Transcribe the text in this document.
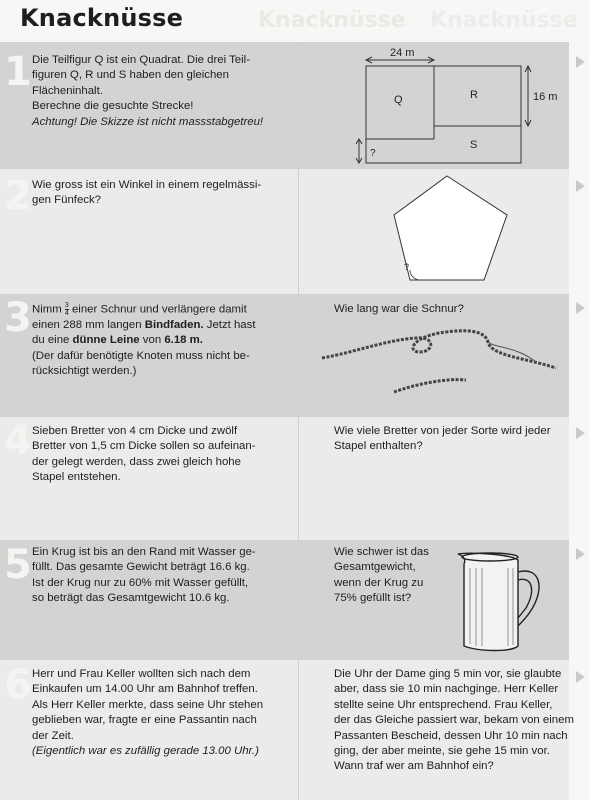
Knacknüsse	Knacknüsse Knacknüsse
1
2
3
4
5
6
Die Teilfigur Q ist ein Quadrat. Die drei Teil-
figuren Q, R und S haben den gleichen
Flächeninhalt.
Berechne die gesuchte Strecke!
Achtung! Die Skizze ist nicht massstabgetreu!
24 m
16 m
Q	R
S
?
Wie gross ist ein Winkel in einem regelmässi-
gen Fünfeck?
?
Nimm $\frac{3}{4}$ einer Schnur und verlängere damit
einen 288 mm langen Bindfaden. Jetzt hast
du eine dünne Leine von 6.18 m.
(Der dafür benötigte Knoten muss nicht be-
rücksichtigt werden.)
Wie lang war die Schnur?
Sieben Bretter von 4 cm Dicke und zwölf
Bretter von 1,5 cm Dicke sollen so aufeinan-
der gelegt werden, dass zwei gleich hohe
Stapel entstehen.
Wie viele Bretter von jeder Sorte wird jeder
Stapel enthalten?
Ein Krug ist bis an den Rand mit Wasser ge-
füllt. Das gesamte Gewicht beträgt 16.6 kg.
Ist der Krug nur zu 60% mit Wasser gefüllt,
so beträgt das Gesamtgewicht 10.6 kg.
Wie schwer ist das
Gesamtgewicht,
wenn der Krug zu
75% gefüllt ist?
Herr und Frau Keller wollten sich nach dem
Einkaufen um 14.00 Uhr am Bahnhof treffen.
Als Herr Keller merkte, dass seine Uhr stehen
geblieben war, fragte er eine Passantin nach
der Zeit.
(Eigentlich war es zufällig gerade 13.00 Uhr.)
Die Uhr der Dame ging 5 min vor, sie glaubte
aber, dass sie 10 min nachginge. Herr Keller
stellte seine Uhr entsprechend. Frau Keller,
der das Gleiche passiert war, bekam von einem
Passanten Bescheid, dessen Uhr 10 min nach
ging, der aber meinte, sie gehe 15 min vor.
Wann traf wer am Bahnhof ein?
